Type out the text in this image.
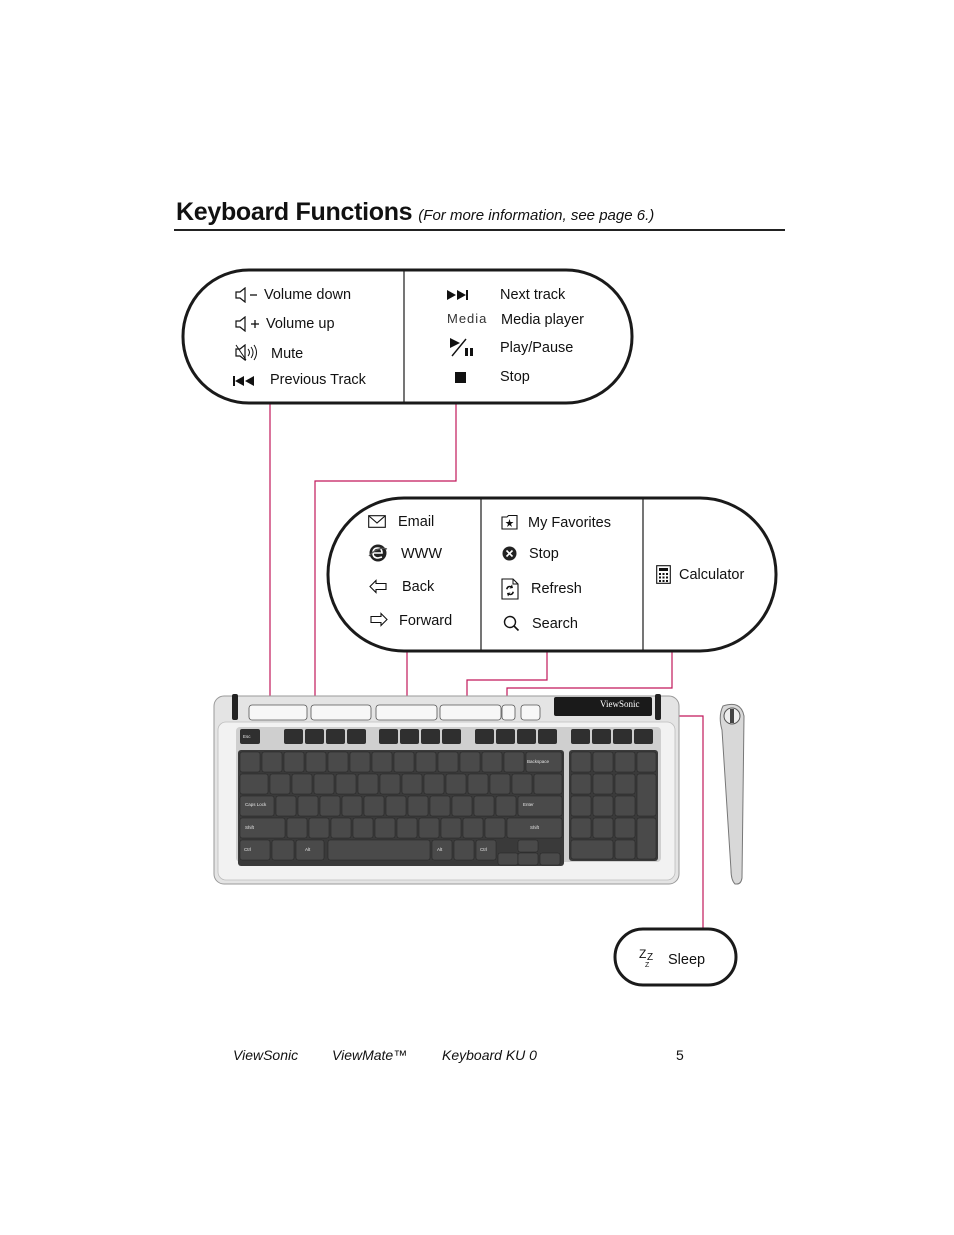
Keyboard Functions (For more information, see page 6.)
Esc
Caps Lock
Shift
Ctrl	Alt	Alt	Ctrl
Enter
Shift
Backspace
Volume down
Volume up
Mute
Previous Track
Next track
Media Media player
Play/Pause
Stop
Email
WWW
Back
Forward
My Favorites
Stop
Refresh
Search
Calculator
Z Z
Z Sleep
ViewSonic
ViewSonic ViewMate™ Keyboard KU 0	5
